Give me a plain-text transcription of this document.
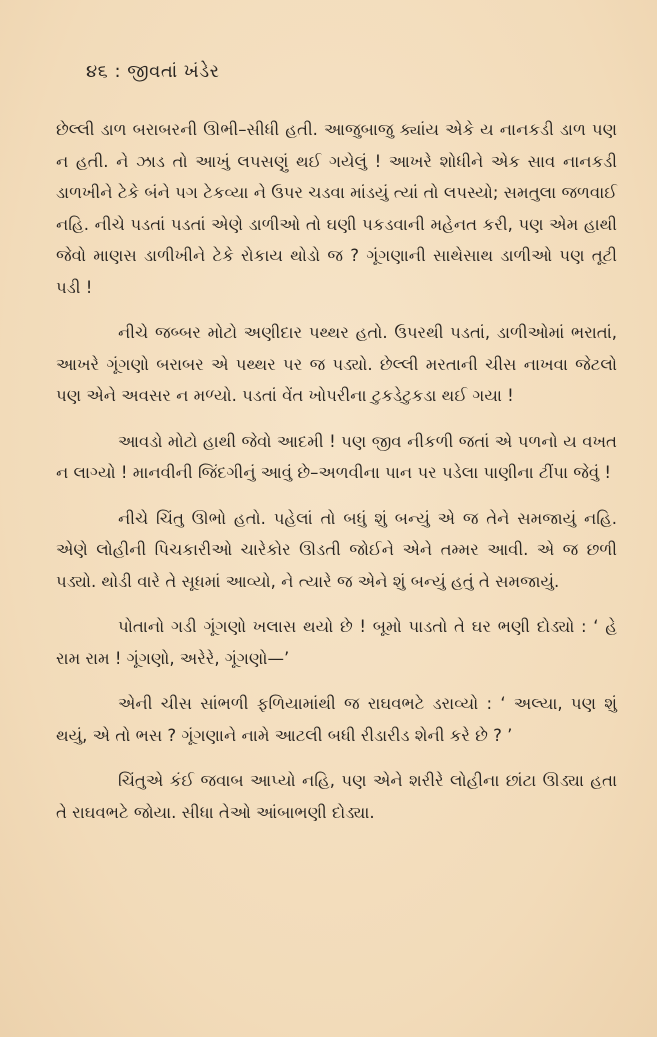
૪૬ : જીવતાં ખંડેર

છેલ્લી ડાળ બરાબરની ઊભી–સીધી હતી. આજુબાજુ ક્યાંય એકે ય નાનકડી ડાળ પણ ન હતી. ને ઝાડ તો આખું લપસણું થઈ ગયેલું ! આખરે શોધીને એક સાવ નાનકડી ડાળખીને ટેકે બંને પગ ટેકવ્યા ને ઉપર ચડવા માંડયું ત્યાં તો લપસ્યો; સમતુલા જળવાઈ નહિ. નીચે પડતાં પડતાં એણે ડાળીઓ તો ઘણી પકડવાની મહેનત કરી, પણ એમ હાથી જેવો માણસ ડાળીખીને ટેકે રોકાય થોડો જ ? ગૂંગણાની સાથેસાથ ડાળીઓ પણ તૂટી પડી !

નીચે જબ્બર મોટો અણીદાર પથ્થર હતો. ઉપરથી પડતાં, ડાળીઓમાં ભરાતાં, આખરે ગૂંગણો બરાબર એ પથ્થર પર જ પડ્યો. છેલ્લી મરતાની ચીસ નાખવા જેટલો પણ એને અવસર ન મળ્યો. પડતાં વેંત ખોપરીના ટુકડેટુકડા થઈ ગયા !

આવડો મોટો હાથી જેવો આદમી ! પણ જીવ નીકળી જતાં એ પળનો ય વખત ન લાગ્યો ! માનવીની જિંદગીનું આવું છે–અળવીના પાન પર પડેલા પાણીના ટીંપા જેવું !

નીચે ચિંતુ ઊભો હતો. પહેલાં તો બધું શું બન્યું એ જ તેને સમજાયું નહિ. એણે લોહીની પિચકારીઓ ચારેકોર ઊડતી જોઈને એને તમ્મર આવી. એ જ છળી પડ્યો. થોડી વારે તે સૂધમાં આવ્યો, ને ત્યારે જ એને શું બન્યું હતું તે સમજાયું.

પોતાનો ગડી ગૂંગણો ખલાસ થયો છે ! બૂમો પાડતો તે ઘર ભણી દોડ્યો : ‘ હે રામ રામ ! ગૂંગણો, અરેરે, ગૂંગણો—’

એની ચીસ સાંભળી ફળિયામાંથી જ રાઘવભટે ડરાવ્યો : ‘ અલ્યા, પણ શું થયું, એ તો ભસ ? ગૂંગણાને નામે આટલી બધી રીડારીડ શેની કરે છે ? ’

ચિંતુએ કંઈ જવાબ આપ્યો નહિ, પણ એને શરીરે લોહીના છાંટા ઊડ્યા હતા તે રાઘવભટે જોયા. સીધા તેઓ આંબાભણી દોડ્યા.
